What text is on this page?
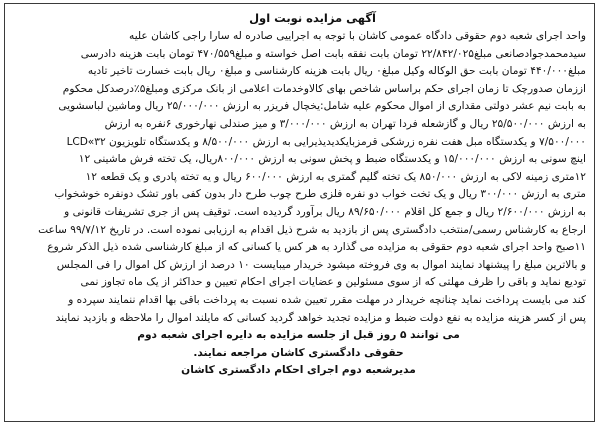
آگهی مزایده نوبت اول
واحد اجرای شعبه دوم حقوقی دادگاه عمومی کاشان با توجه به اجراییی صادره له سارا راجی کاشان علیه
سیدمحمدجوادصانعی مبلغ۲۲/۸۴۲/۰۲۵ تومان بابت نفقه بابت اصل خواسته و مبلغ۴۷۰/۵۵۹ تومان بابت هزینه دادرسی
مبلغ۴۴۰/۰۰۰ تومان بابت حق الوکاله وکیل مبلغ۰ ریال بابت هزینه کارشناسی و مبلغ۰ ریال بابت خسارت تاخیر تادیه
اززمان صدورچک تا زمان اجرای حکم براساس شاخص بهای کالاوخدمات اعلامی از بانک مرکزی ومبلغ۵٪درصدکل محکوم
به بابت نیم عشر دولتی مقداری از اموال محکوم علیه شامل:یخچال فریزر به ارزش ۲۵/۰۰۰/۰۰۰ ریال وماشین لباسشویی
به ارزش ۲۵/۵۰۰/۰۰۰ ریال و گازشعله فردا تهران به ارزش ۳/۰۰۰/۰۰۰ و میز صندلی نهارخوری ۶نفره به ارزش
۷/۵۰۰/۰۰۰ و یکدستگاه مبل هفت نفره زرشکی قرمزبایکدیدیذیرایی به ارزش ۸/۵۰۰/۰۰۰ و یکدستگاه تلویزیون ۳۲»LCD
اینچ سونی به ارزش ۱۵/۰۰۰/۰۰۰ و یکدستگاه ضبط و پخش سونی به ارزش ۸۰۰/۰۰۰ریال، یک تخته فرش ماشینی ۱۲
۱۲متری زمینه لاکی به ارزش ۸۵۰/۰۰۰ یک تخته گلیم گمتری به ارزش ۶۰۰/۰۰۰ ریال و یه تخته پادری و یک قطعه ۱۲
متری به ارزش ۳۰۰/۰۰۰ ریال و یک تخت خواب دو نفره فلزی طرح چوب طرح دار بدون کفی باور تشک دونفره خوشخواب
به ارزش ۲/۶۰۰/۰۰۰ ریال و جمع کل اقلام ۸۹/۶۵۰/۰۰۰ ریال برآورد گردیده است. توقیف پس از جری تشریفات قانونی و
ارجاع به کارشناس رسمی/منتخب دادگستری پس از بازدید به شرح ذیل اقدام به ارزیابی نموده است. در تاریخ ۹۹/۷/۱۲ ساعت
۱۱صبح واحد اجرای شعبه دوم حقوقی به مزایده می گذارد به هر کس یا کسانی که از مبلغ کارشناسی شده ذیل الذکر شروع
و بالاترین مبلغ را پیشنهاد نمایند اموال به وی فروخته میشود خریدار میبایست ۱۰ درصد از ارزش کل اموال را فی المجلس
تودیع نماید و باقی را ظرف مهلتی که از سوی مسئولین و عضایات اجرای احکام تعیین و حداکثر از یک ماه تجاوز نمی
کند می بایست پرداخت نماید چنانچه خریدار در مهلت مقرر تعیین شده نسبت به پرداخت باقی بها اقدام ننمایند سپرده و
پس از کسر هزینه مزایده به نفع دولت ضبط و مزایده تجدید خواهد گردید کسانی که مایلند اموال را ملاحظه و بازدید نمایند
می توانند ۵ روز قبل از جلسه مزایده به دایره اجرای شعبه دوم
حقوقی دادگستری کاشان مراجعه نمایند.
مدیرشعبه دوم اجرای احکام دادگستری کاشان
